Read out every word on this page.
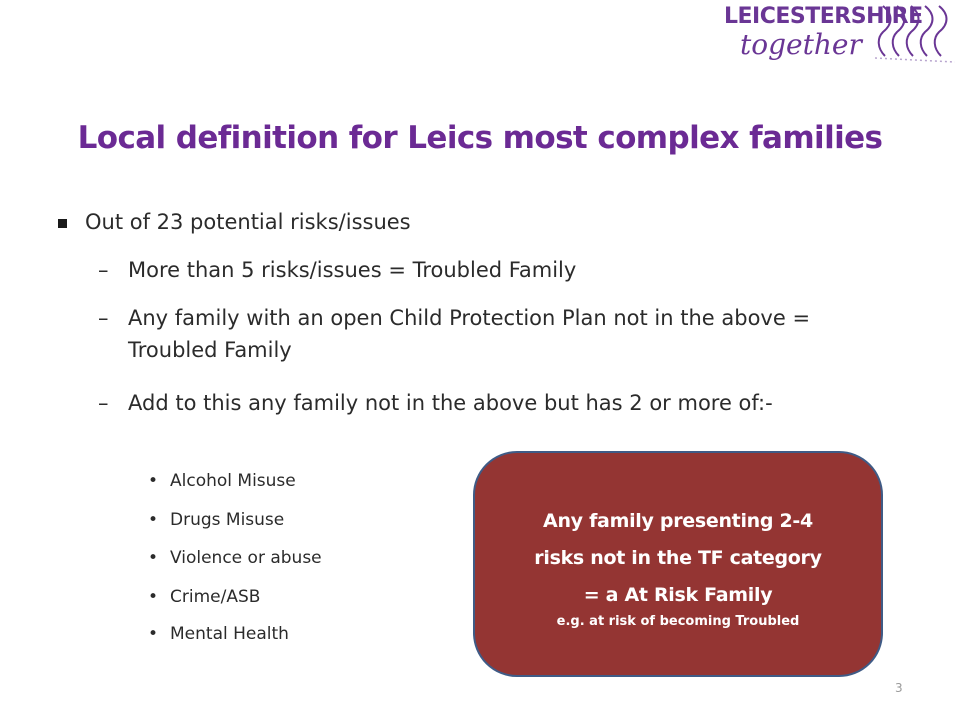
LEICESTERSHIRE
together
Local definition for Leics most complex families
Out of 23 potential risks/issues
– More than 5 risks/issues = Troubled Family
– Any family with an open Child Protection Plan not in the above = Troubled Family
– Add to this any family not in the above but has 2 or more of:-
• Alcohol Misuse
• Drugs Misuse
• Violence or abuse
• Crime/ASB
• Mental Health
Any family presenting 2-4
risks not in the TF category
= a At Risk Family
e.g. at risk of becoming Troubled
3
